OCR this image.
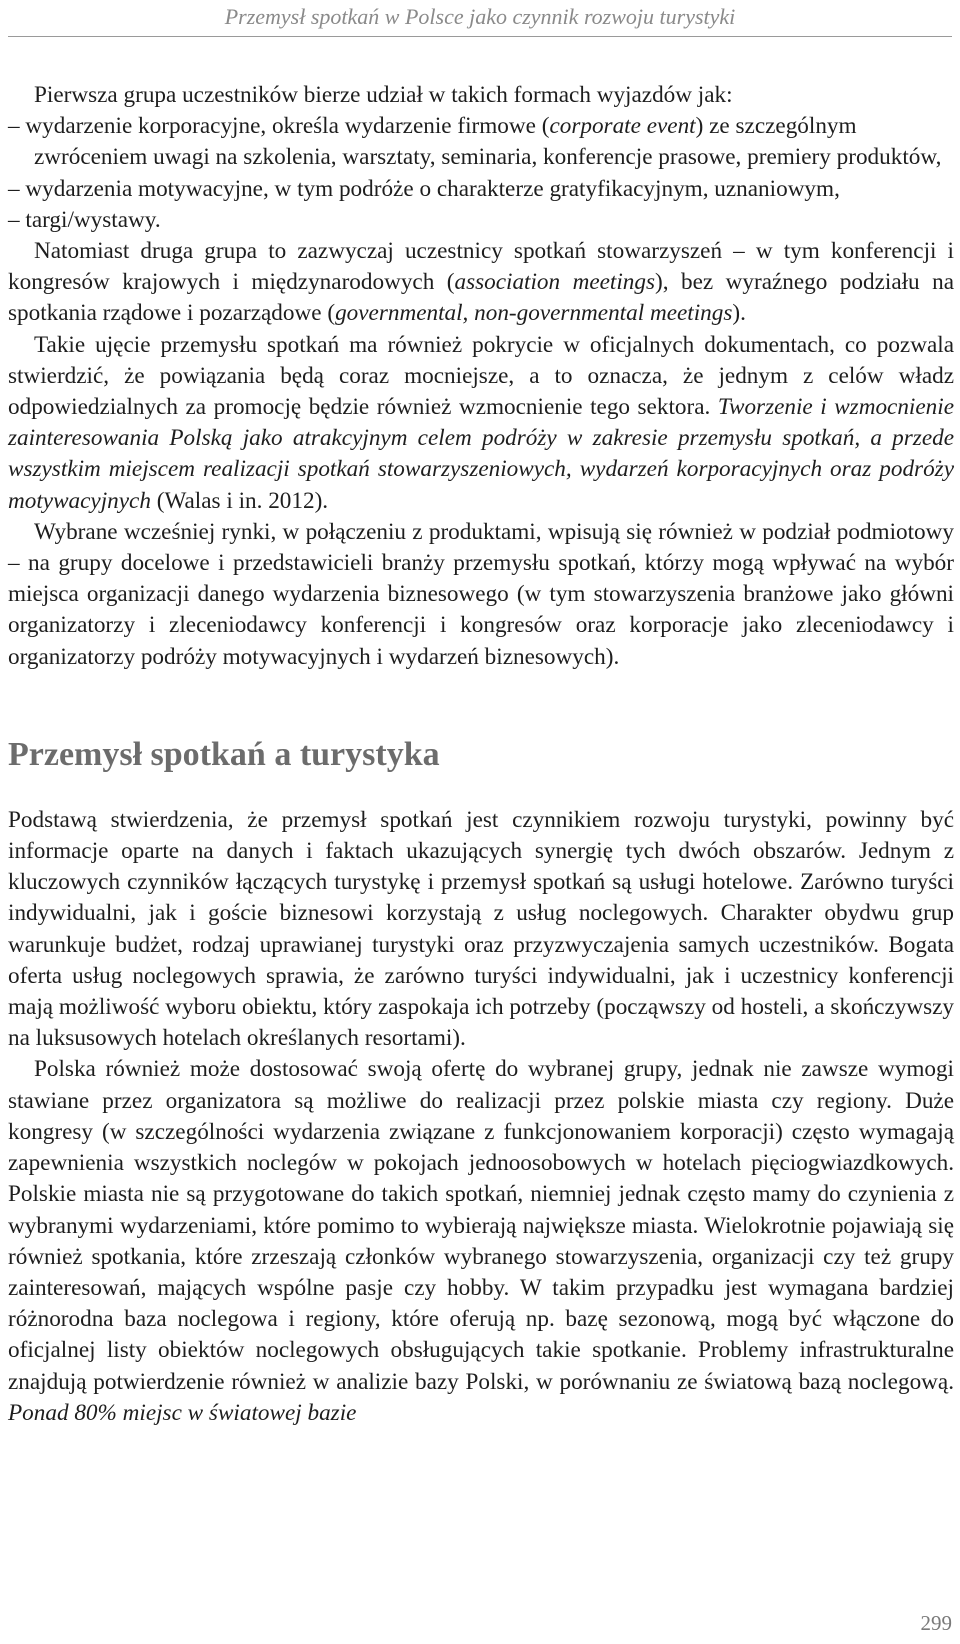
Przemysł spotkań w Polsce jako czynnik rozwoju turystyki

Pierwsza grupa uczestników bierze udział w takich formach wyjazdów jak:

– wydarzenie korporacyjne, określa wydarzenie firmowe (corporate event) ze szczególnym zwróceniem uwagi na szkolenia, warsztaty, seminaria, konferencje prasowe, premiery produktów,

– wydarzenia motywacyjne, w tym podróże o charakterze gratyfikacyjnym, uznaniowym,

– targi/wystawy.

Natomiast druga grupa to zazwyczaj uczestnicy spotkań stowarzyszeń – w tym konferencji i kongresów krajowych i międzynarodowych (association meetings), bez wyraźnego podziału na spotkania rządowe i pozarządowe (governmental, non-governmental meetings).

Takie ujęcie przemysłu spotkań ma również pokrycie w oficjalnych dokumentach, co pozwala stwierdzić, że powiązania będą coraz mocniejsze, a to oznacza, że jednym z celów władz odpowiedzialnych za promocję będzie również wzmocnienie tego sektora. Tworzenie i wzmocnienie zainteresowania Polską jako atrakcyjnym celem podróży w zakresie przemysłu spotkań, a przede wszystkim miejscem realizacji spotkań stowarzyszeniowych, wydarzeń korporacyjnych oraz podróży motywacyjnych (Walas i in. 2012).

Wybrane wcześniej rynki, w połączeniu z produktami, wpisują się również w podział podmiotowy – na grupy docelowe i przedstawicieli branży przemysłu spotkań, którzy mogą wpływać na wybór miejsca organizacji danego wydarzenia biznesowego (w tym stowarzyszenia branżowe jako główni organizatorzy i zleceniodawcy konferencji i kongresów oraz korporacje jako zleceniodawcy i organizatorzy podróży motywacyjnych i wydarzeń biznesowych).

Przemysł spotkań a turystyka

Podstawą stwierdzenia, że przemysł spotkań jest czynnikiem rozwoju turystyki, powinny być informacje oparte na danych i faktach ukazujących synergię tych dwóch obszarów. Jednym z kluczowych czynników łączących turystykę i przemysł spotkań są usługi hotelowe. Zarówno turyści indywidualni, jak i goście biznesowi korzystają z usług noclegowych. Charakter obydwu grup warunkuje budżet, rodzaj uprawianej turystyki oraz przyzwyczajenia samych uczestników. Bogata oferta usług noclegowych sprawia, że zarówno turyści indywidualni, jak i uczestnicy konferencji mają możliwość wyboru obiektu, który zaspokaja ich potrzeby (począwszy od hosteli, a skończywszy na luksusowych hotelach określanych resortami).

Polska również może dostosować swoją ofertę do wybranej grupy, jednak nie zawsze wymogi stawiane przez organizatora są możliwe do realizacji przez polskie miasta czy regiony. Duże kongresy (w szczególności wydarzenia związane z funkcjonowaniem korporacji) często wymagają zapewnienia wszystkich noclegów w pokojach jednoosobowych w hotelach pięciogwiazdkowych. Polskie miasta nie są przygotowane do takich spotkań, niemniej jednak często mamy do czynienia z wybranymi wydarzeniami, które pomimo to wybierają największe miasta. Wielokrotnie pojawiają się również spotkania, które zrzeszają członków wybranego stowarzyszenia, organizacji czy też grupy zainteresowań, mających wspólne pasje czy hobby. W takim przypadku jest wymagana bardziej różnorodna baza noclegowa i regiony, które oferują np. bazę sezonową, mogą być włączone do oficjalnej listy obiektów noclegowych obsługujących takie spotkanie. Problemy infrastrukturalne znajdują potwierdzenie również w analizie bazy Polski, w porównaniu ze światową bazą noclegową. Ponad 80% miejsc w światowej bazie

299
